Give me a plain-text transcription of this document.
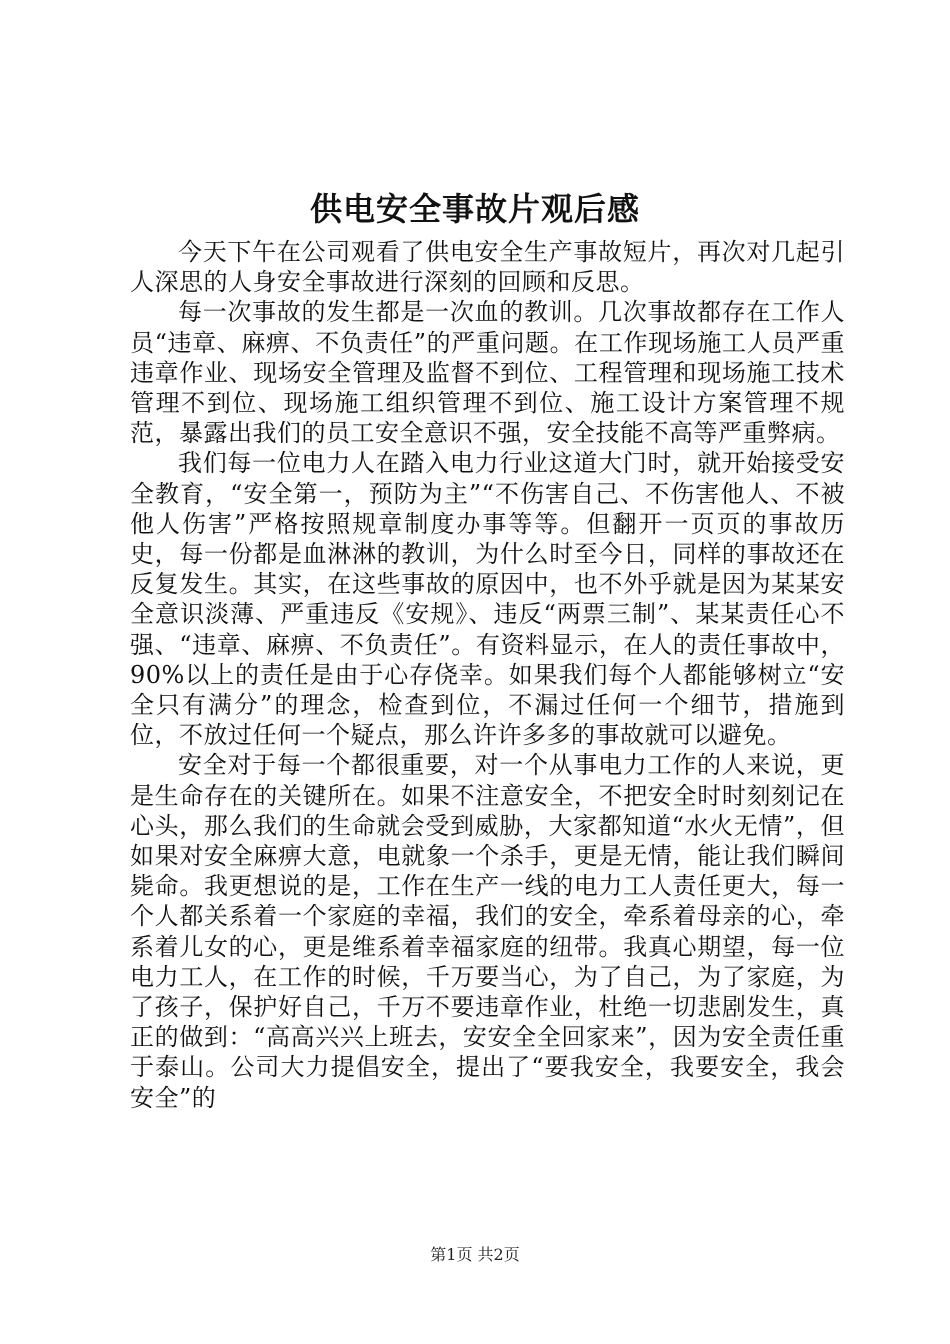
供电安全事故片观后感

今天下午在公司观看了供电安全生产事故短片，再次对几起引人深思的人身安全事故进行深刻的回顾和反思。

每一次事故的发生都是一次血的教训。几次事故都存在工作人员“违章、麻痹、不负责任”的严重问题。在工作现场施工人员严重违章作业、现场安全管理及监督不到位、工程管理和现场施工技术管理不到位、现场施工组织管理不到位、施工设计方案管理不规范，暴露出我们的员工安全意识不强，安全技能不高等严重弊病。

我们每一位电力人在踏入电力行业这道大门时，就开始接受安全教育，“安全第一，预防为主”“不伤害自己、不伤害他人、不被他人伤害”严格按照规章制度办事等等。但翻开一页页的事故历史，每一份都是血淋淋的教训，为什么时至今日，同样的事故还在反复发生。其实，在这些事故的原因中，也不外乎就是因为某某安全意识淡薄、严重违反《安规》、违反“两票三制”、某某责任心不强、“违章、麻痹、不负责任”。有资料显示，在人的责任事故中，90%以上的责任是由于心存侥幸。如果我们每个人都能够树立“安全只有满分”的理念，检查到位，不漏过任何一个细节，措施到位，不放过任何一个疑点，那么许许多多的事故就可以避免。

安全对于每一个都很重要，对一个从事电力工作的人来说，更是生命存在的关键所在。如果不注意安全，不把安全时时刻刻记在心头，那么我们的生命就会受到威胁，大家都知道“水火无情”，但如果对安全麻痹大意，电就象一个杀手，更是无情，能让我们瞬间毙命。我更想说的是，工作在生产一线的电力工人责任更大，每一个人都关系着一个家庭的幸福，我们的安全，牵系着母亲的心，牵系着儿女的心，更是维系着幸福家庭的纽带。我真心期望，每一位电力工人，在工作的时候，千万要当心，为了自己，为了家庭，为了孩子，保护好自己，千万不要违章作业，杜绝一切悲剧发生，真正的做到：“高高兴兴上班去，安安全全回家来”，因为安全责任重于泰山。公司大力提倡安全，提出了“要我安全，我要安全，我会安全”的

第1页 共2页
